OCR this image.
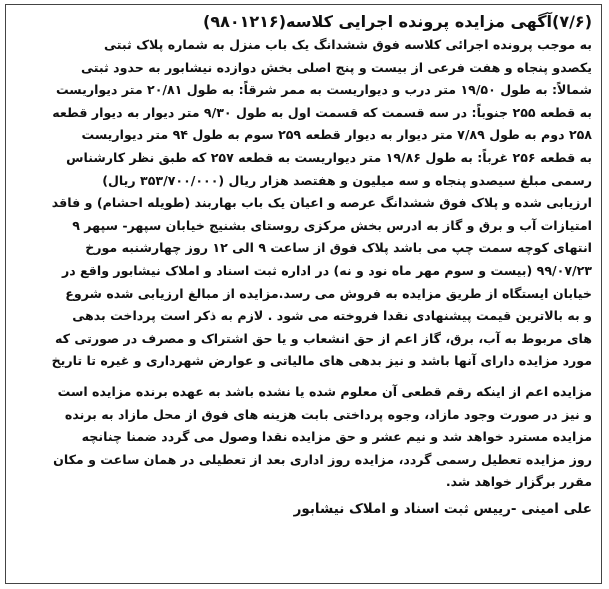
(۷/۶)آگهی مزایده پرونده اجرایی کلاسه(۹۸۰۱۲۱۶)
به موجب پرونده اجرائی کلاسه فوق ششدانگ یک باب منزل به شماره پلاک ثبتی
یکصدو پنجاه و هفت فرعی از بیست و پنج اصلی بخش دوازده نیشابور به حدود ثبتی
شمالاً: به طول ۱۹/۵۰ متر درب و دیواریست به ممر شرقاً: به طول ۲۰/۸۱ متر دیواریست
به قطعه ۲۵۵ جنوباً: در سه قسمت که قسمت اول به طول ۹/۳۰ متر دیوار به دیوار قطعه
۲۵۸ دوم به طول ۷/۸۹ متر دیوار به دیوار قطعه ۲۵۹ سوم به طول ۹۴ متر دیواریست
به قطعه ۲۵۶ غرباً: به طول ۱۹/۸۶ متر دیواریست به قطعه ۲۵۷ که طبق نظر کارشناس
رسمی مبلغ سیصدو پنجاه و سه میلیون و هفتصد هزار ریال (۳۵۳/۷۰۰/۰۰۰ ریال)
ارزیابی شده و پلاک فوق ششدانگ عرصه و اعیان یک باب بهاربند (طویله احشام) و فاقد
امتیازات آب و برق و گاز به ادرس بخش مرکزی روستای بشنیج خیابان سپهر- سپهر ۹
انتهای کوچه سمت چپ می باشد پلاک فوق از ساعت ۹ الی ۱۲ روز چهارشنبه مورخ
۹۹/۰۷/۲۳ (بیست و سوم مهر ماه نود و نه) در اداره ثبت اسناد و املاک نیشابور واقع در
خیابان ایستگاه از طریق مزایده به فروش می رسد.مزایده از مبالغ ارزیابی شده شروع
و به بالاترین قیمت پیشنهادی نقدا فروخته می شود . لازم به ذکر است پرداخت بدهی
های مربوط به آب، برق، گاز اعم از حق انشعاب و یا حق اشتراک و مصرف در صورتی که
مورد مزایده دارای آنها باشد و نیز بدهی های مالیاتی و عوارض شهرداری و غیره تا تاریخ
مزایده اعم از اینکه رقم قطعی آن معلوم شده یا نشده باشد به عهده برنده مزایده است
و نیز در صورت وجود مازاد، وجوه پرداختی بابت هزینه های فوق از محل مازاد به برنده
مزایده مسترد خواهد شد و نیم عشر و حق مزایده نقدا وصول می گردد ضمنا چنانچه
روز مزایده تعطیل رسمی گردد، مزایده روز اداری بعد از تعطیلی در همان ساعت و مکان
مقرر برگزار خواهد شد.
علی امینی -رییس ثبت اسناد و املاک نیشابور
